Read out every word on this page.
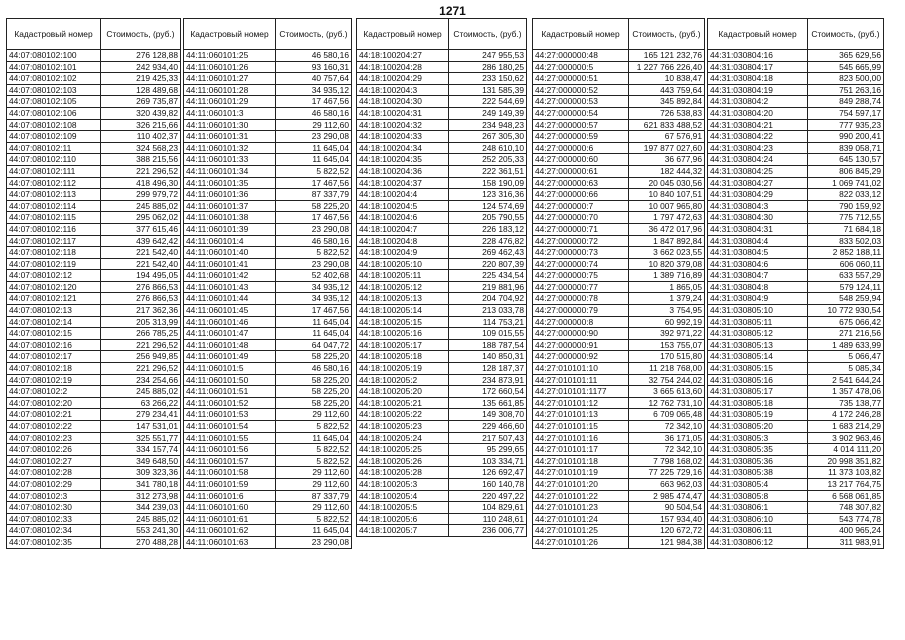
1271
Кадастровый номер	Стоимость, (руб.)
44:07:080102:100	276 128,88
44:07:080102:101	242 934,40
44:07:080102:102	219 425,33
44:07:080102:103	128 489,68
44:07:080102:105	269 735,87
44:07:080102:106	320 439,82
44:07:080102:108	326 215,66
44:07:080102:109	110 402,37
44:07:080102:11	324 568,23
44:07:080102:110	388 215,56
44:07:080102:111	221 296,52
44:07:080102:112	418 496,30
44:07:080102:113	299 979,72
44:07:080102:114	245 885,02
44:07:080102:115	295 062,02
44:07:080102:116	377 615,46
44:07:080102:117	439 642,42
44:07:080102:118	221 542,40
44:07:080102:119	221 542,40
44:07:080102:12	194 495,05
44:07:080102:120	276 866,53
44:07:080102:121	276 866,53
44:07:080102:13	217 362,36
44:07:080102:14	205 313,99
44:07:080102:15	266 785,25
44:07:080102:16	221 296,52
44:07:080102:17	256 949,85
44:07:080102:18	221 296,52
44:07:080102:19	234 254,66
44:07:080102:2	245 885,02
44:07:080102:20	63 266,22
44:07:080102:21	279 234,41
44:07:080102:22	147 531,01
44:07:080102:23	325 551,77
44:07:080102:26	334 157,74
44:07:080102:27	349 648,50
44:07:080102:28	309 323,36
44:07:080102:29	341 780,18
44:07:080102:3	312 273,98
44:07:080102:30	344 239,03
44:07:080102:33	245 885,02
44:07:080102:34	553 241,30
44:07:080102:35	270 488,28
Кадастровый номер	Стоимость, (руб.)
44:11:060101:25	46 580,16
44:11:060101:26	93 160,31
44:11:060101:27	40 757,64
44:11:060101:28	34 935,12
44:11:060101:29	17 467,56
44:11:060101:3	46 580,16
44:11:060101:30	29 112,60
44:11:060101:31	23 290,08
44:11:060101:32	11 645,04
44:11:060101:33	11 645,04
44:11:060101:34	5 822,52
44:11:060101:35	17 467,56
44:11:060101:36	87 337,79
44:11:060101:37	58 225,20
44:11:060101:38	17 467,56
44:11:060101:39	23 290,08
44:11:060101:4	46 580,16
44:11:060101:40	5 822,52
44:11:060101:41	23 290,08
44:11:060101:42	52 402,68
44:11:060101:43	34 935,12
44:11:060101:44	34 935,12
44:11:060101:45	17 467,56
44:11:060101:46	11 645,04
44:11:060101:47	11 645,04
44:11:060101:48	64 047,72
44:11:060101:49	58 225,20
44:11:060101:5	46 580,16
44:11:060101:50	58 225,20
44:11:060101:51	58 225,20
44:11:060101:52	58 225,20
44:11:060101:53	29 112,60
44:11:060101:54	5 822,52
44:11:060101:55	11 645,04
44:11:060101:56	5 822,52
44:11:060101:57	5 822,52
44:11:060101:58	29 112,60
44:11:060101:59	29 112,60
44:11:060101:6	87 337,79
44:11:060101:60	29 112,60
44:11:060101:61	5 822,52
44:11:060101:62	11 645,04
44:11:060101:63	23 290,08
Кадастровый номер	Стоимость, (руб.)
44:18:100204:27	247 955,53
44:18:100204:28	286 180,25
44:18:100204:29	233 150,62
44:18:100204:3	131 585,39
44:18:100204:30	222 544,69
44:18:100204:31	249 149,39
44:18:100204:32	234 948,23
44:18:100204:33	267 305,30
44:18:100204:34	248 610,10
44:18:100204:35	252 205,33
44:18:100204:36	222 361,51
44:18:100204:37	158 190,09
44:18:100204:4	123 316,36
44:18:100204:5	124 574,69
44:18:100204:6	205 790,55
44:18:100204:7	226 183,12
44:18:100204:8	228 476,82
44:18:100204:9	269 462,43
44:18:100205:10	220 807,39
44:18:100205:11	225 434,54
44:18:100205:12	219 881,96
44:18:100205:13	204 704,92
44:18:100205:14	213 033,78
44:18:100205:15	114 753,21
44:18:100205:16	109 015,55
44:18:100205:17	188 787,54
44:18:100205:18	140 850,31
44:18:100205:19	128 187,37
44:18:100205:2	234 873,91
44:18:100205:20	172 660,54
44:18:100205:21	135 661,85
44:18:100205:22	149 308,70
44:18:100205:23	229 466,60
44:18:100205:24	217 507,43
44:18:100205:25	95 299,65
44:18:100205:26	103 334,71
44:18:100205:28	126 692,47
44:18:100205:3	160 140,78
44:18:100205:4	220 497,22
44:18:100205:5	104 829,61
44:18:100205:6	110 248,61
44:18:100205:7	236 006,77
Кадастровый номер	Стоимость, (руб.)
44:27:000000:48	165 121 232,76
44:27:000000:5	1 227 766 226,40
44:27:000000:51	10 838,47
44:27:000000:52	443 759,64
44:27:000000:53	345 892,84
44:27:000000:54	726 538,83
44:27:000000:57	621 833 488,52
44:27:000000:59	67 576,91
44:27:000000:6	197 877 027,60
44:27:000000:60	36 677,96
44:27:000000:61	182 444,32
44:27:000000:63	20 045 030,56
44:27:000000:66	10 840 107,51
44:27:000000:7	10 007 965,80
44:27:000000:70	1 797 472,63
44:27:000000:71	36 472 017,96
44:27:000000:72	1 847 892,84
44:27:000000:73	3 662 023,55
44:27:000000:74	10 820 379,08
44:27:000000:75	1 389 716,89
44:27:000000:77	1 865,05
44:27:000000:78	1 379,24
44:27:000000:79	3 754,95
44:27:000000:8	60 992,19
44:27:000000:90	392 971,22
44:27:000000:91	153 755,07
44:27:000000:92	170 515,80
44:27:010101:10	11 218 768,00
44:27:010101:11	32 754 244,02
44:27:010101:1177	3 665 613,60
44:27:010101:12	12 762 731,10
44:27:010101:13	6 709 065,48
44:27:010101:15	72 342,10
44:27:010101:16	36 171,05
44:27:010101:17	72 342,10
44:27:010101:18	7 798 168,02
44:27:010101:19	77 225 729,16
44:27:010101:20	663 962,03
44:27:010101:22	2 985 474,47
44:27:010101:23	90 504,54
44:27:010101:24	157 934,40
44:27:010101:25	120 672,72
44:27:010101:26	121 984,38
Кадастровый номер	Стоимость, (руб.)
44:31:030804:16	365 629,56
44:31:030804:17	545 665,99
44:31:030804:18	823 500,00
44:31:030804:19	751 263,16
44:31:030804:2	849 288,74
44:31:030804:20	754 597,17
44:31:030804:21	777 935,23
44:31:030804:22	990 200,41
44:31:030804:23	839 058,71
44:31:030804:24	645 130,57
44:31:030804:25	806 845,29
44:31:030804:27	1 069 741,02
44:31:030804:29	822 033,12
44:31:030804:3	790 159,92
44:31:030804:30	775 712,55
44:31:030804:31	71 684,18
44:31:030804:4	833 502,03
44:31:030804:5	2 852 188,11
44:31:030804:6	606 060,11
44:31:030804:7	633 557,29
44:31:030804:8	579 124,11
44:31:030804:9	548 259,94
44:31:030805:10	10 772 930,54
44:31:030805:11	675 066,42
44:31:030805:12	271 216,56
44:31:030805:13	1 489 633,99
44:31:030805:14	5 066,47
44:31:030805:15	5 085,34
44:31:030805:16	2 541 644,24
44:31:030805:17	1 357 478,06
44:31:030805:18	735 138,77
44:31:030805:19	4 172 246,28
44:31:030805:20	1 683 214,29
44:31:030805:3	3 902 963,46
44:31:030805:35	4 014 111,20
44:31:030805:36	20 998 351,82
44:31:030805:38	11 373 103,82
44:31:030805:4	13 217 764,75
44:31:030805:8	6 568 061,85
44:31:030806:1	748 307,82
44:31:030806:10	543 774,78
44:31:030806:11	400 965,24
44:31:030806:12	311 983,91
